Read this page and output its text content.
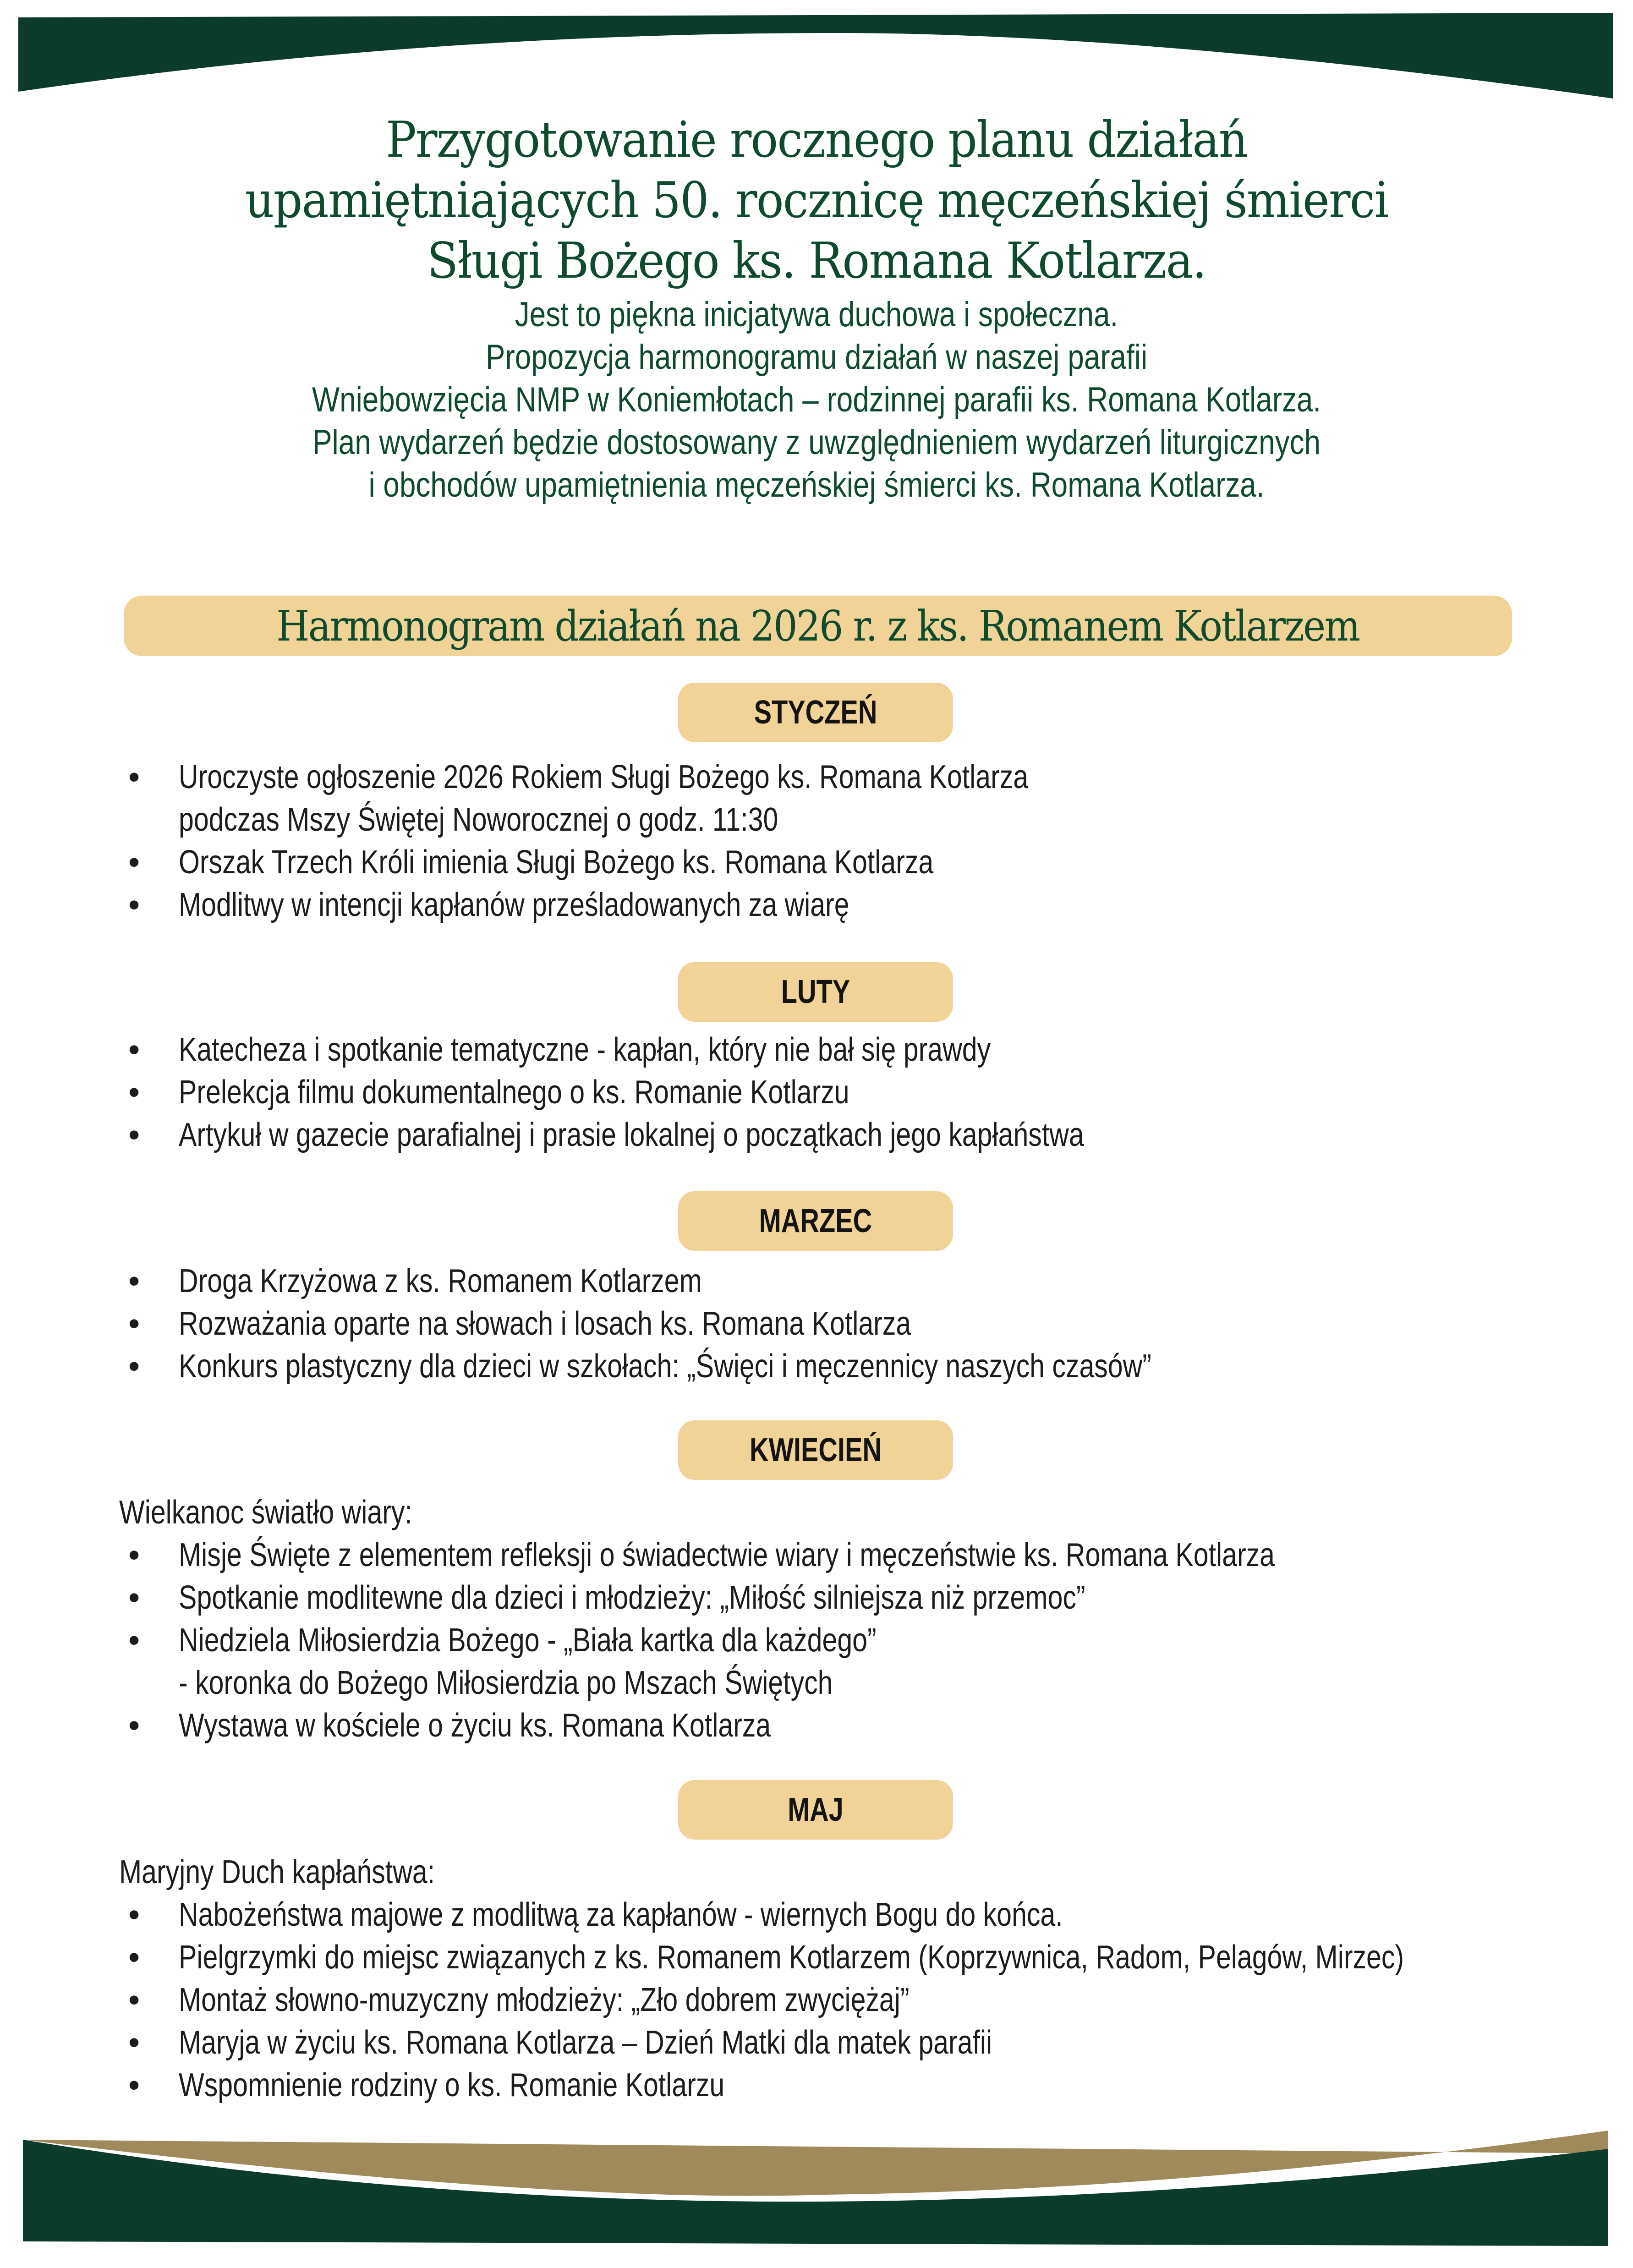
Przygotowanie rocznego planu działań
upamiętniających 50. rocznicę męczeńskiej śmierci
Sługi Bożego ks. Romana Kotlarza.
Jest to piękna inicjatywa duchowa i społeczna.
Propozycja harmonogramu działań w naszej parafii
Wniebowzięcia NMP w Koniemłotach – rodzinnej parafii ks. Romana Kotlarza.
Plan wydarzeń będzie dostosowany z uwzględnieniem wydarzeń liturgicznych
i obchodów upamiętnienia męczeńskiej śmierci ks. Romana Kotlarza.
Harmonogram działań na 2026 r. z ks. Romanem Kotlarzem
STYCZEŃ
• Uroczyste ogłoszenie 2026 Rokiem Sługi Bożego ks. Romana Kotlarza
podczas Mszy Świętej Noworocznej o godz. 11:30
• Orszak Trzech Króli imienia Sługi Bożego ks. Romana Kotlarza
• Modlitwy w intencji kapłanów prześladowanych za wiarę
LUTY
• Katecheza i spotkanie tematyczne - kapłan, który nie bał się prawdy
• Prelekcja filmu dokumentalnego o ks. Romanie Kotlarzu
• Artykuł w gazecie parafialnej i prasie lokalnej o początkach jego kapłaństwa
MARZEC
• Droga Krzyżowa z ks. Romanem Kotlarzem
• Rozważania oparte na słowach i losach ks. Romana Kotlarza
• Konkurs plastyczny dla dzieci w szkołach: „Święci i męczennicy naszych czasów”
KWIECIEŃ
Wielkanoc światło wiary:
• Misje Święte z elementem refleksji o świadectwie wiary i męczeństwie ks. Romana Kotlarza
• Spotkanie modlitewne dla dzieci i młodzieży: „Miłość silniejsza niż przemoc”
• Niedziela Miłosierdzia Bożego - „Biała kartka dla każdego”
- koronka do Bożego Miłosierdzia po Mszach Świętych
• Wystawa w kościele o życiu ks. Romana Kotlarza
MAJ
Maryjny Duch kapłaństwa:
• Nabożeństwa majowe z modlitwą za kapłanów - wiernych Bogu do końca.
• Pielgrzymki do miejsc związanych z ks. Romanem Kotlarzem (Koprzywnica, Radom, Pelagów, Mirzec)
• Montaż słowno-muzyczny młodzieży: „Zło dobrem zwyciężaj”
• Maryja w życiu ks. Romana Kotlarza – Dzień Matki dla matek parafii
• Wspomnienie rodziny o ks. Romanie Kotlarzu
